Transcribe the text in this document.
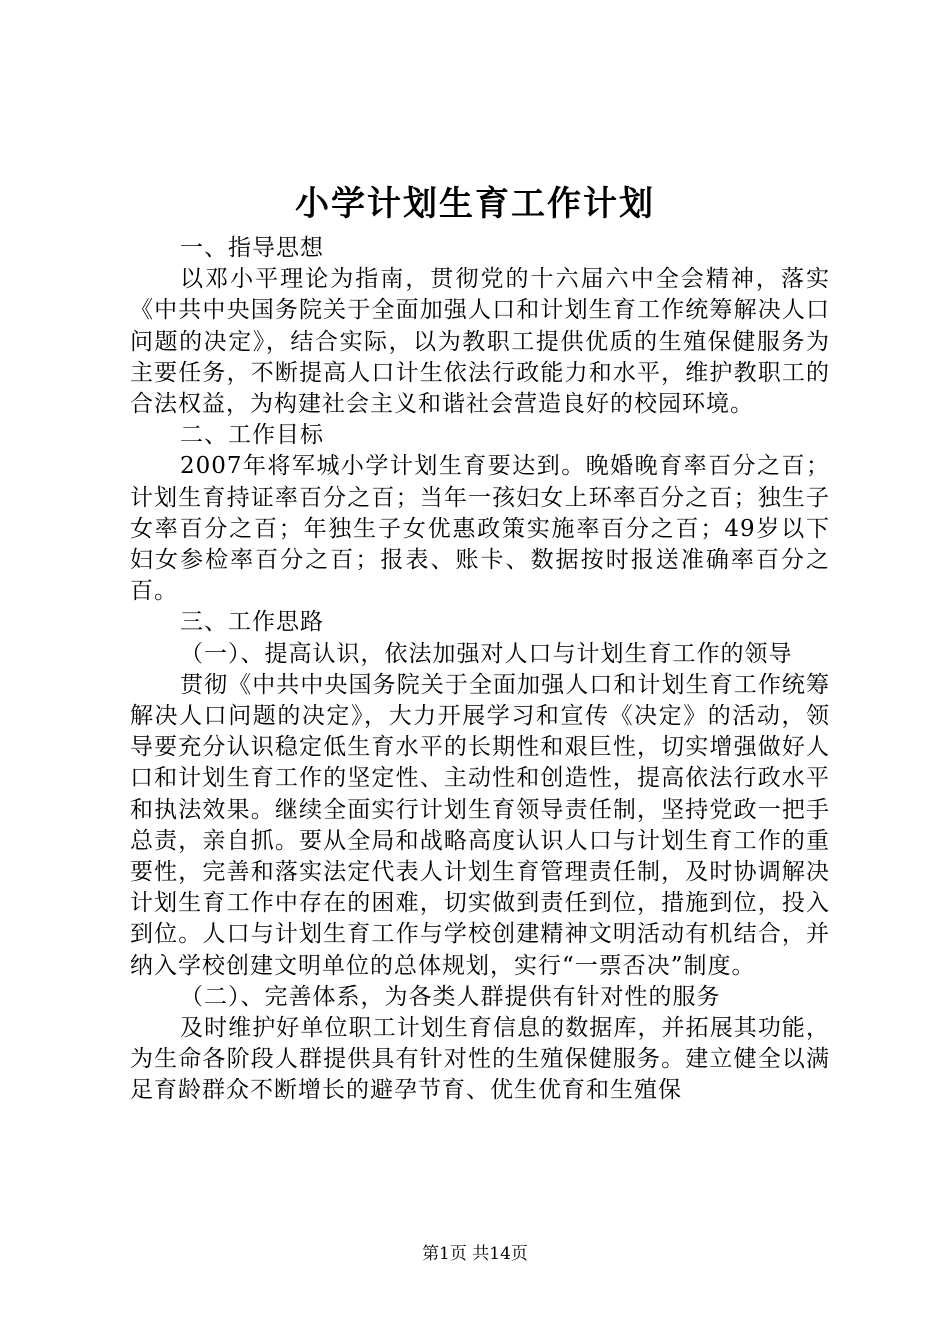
小学计划生育工作计划

一、指导思想

以邓小平理论为指南，贯彻党的十六届六中全会精神，落实《中共中央国务院关于全面加强人口和计划生育工作统筹解决人口问题的决定》，结合实际，以为教职工提供优质的生殖保健服务为主要任务，不断提高人口计生依法行政能力和水平，维护教职工的合法权益，为构建社会主义和谐社会营造良好的校园环境。

二、工作目标

2007年将军城小学计划生育要达到。晚婚晚育率百分之百；计划生育持证率百分之百；当年一孩妇女上环率百分之百；独生子女率百分之百；年独生子女优惠政策实施率百分之百；49岁以下妇女参检率百分之百；报表、账卡、数据按时报送准确率百分之百。

三、工作思路

（一）、提高认识，依法加强对人口与计划生育工作的领导

贯彻《中共中央国务院关于全面加强人口和计划生育工作统筹解决人口问题的决定》，大力开展学习和宣传《决定》的活动，领导要充分认识稳定低生育水平的长期性和艰巨性，切实增强做好人口和计划生育工作的坚定性、主动性和创造性，提高依法行政水平和执法效果。继续全面实行计划生育领导责任制，坚持党政一把手总责，亲自抓。要从全局和战略高度认识人口与计划生育工作的重要性，完善和落实法定代表人计划生育管理责任制，及时协调解决计划生育工作中存在的困难，切实做到责任到位，措施到位，投入到位。人口与计划生育工作与学校创建精神文明活动有机结合，并纳入学校创建文明单位的总体规划，实行“一票否决”制度。

（二）、完善体系，为各类人群提供有针对性的服务

及时维护好单位职工计划生育信息的数据库，并拓展其功能，为生命各阶段人群提供具有针对性的生殖保健服务。建立健全以满足育龄群众不断增长的避孕节育、优生优育和生殖保

第1页 共14页
